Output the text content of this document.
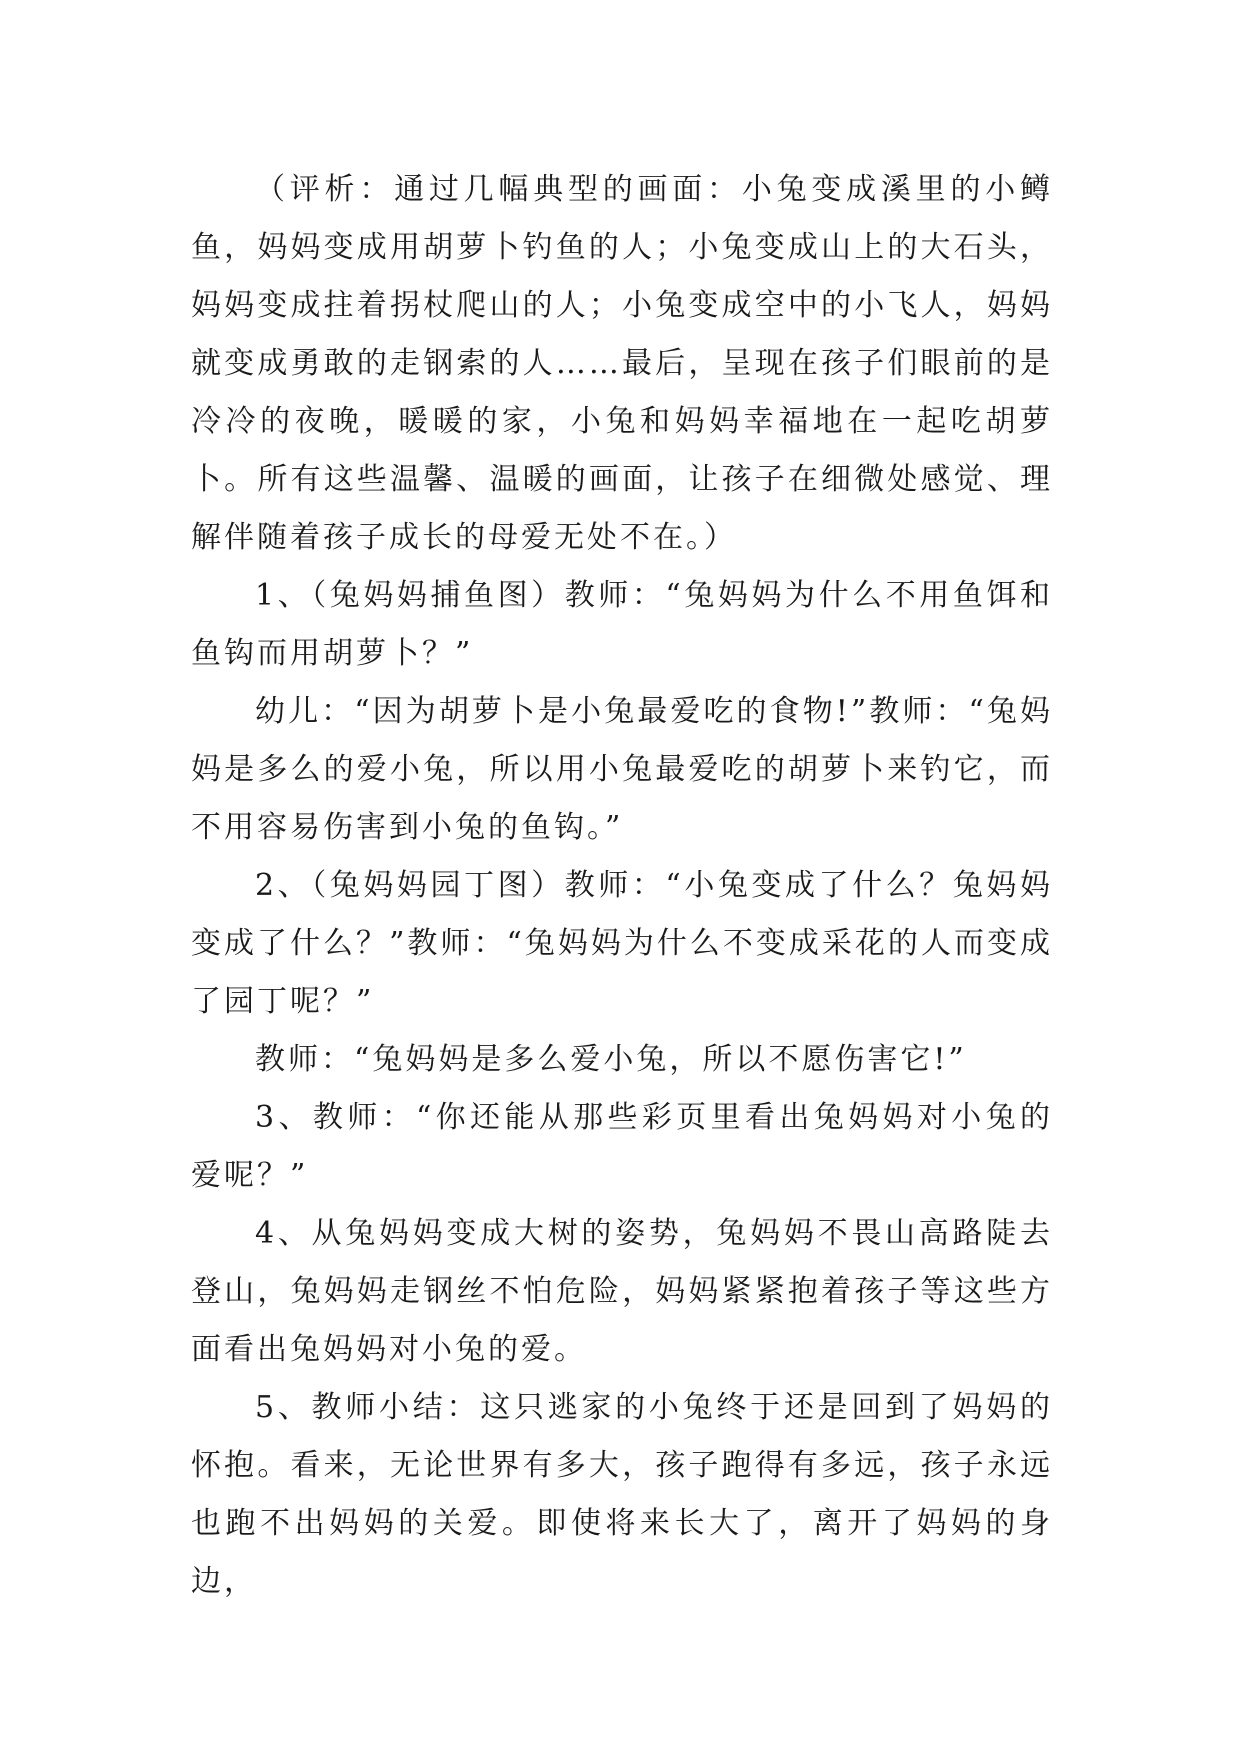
（评析：通过几幅典型的画面：小兔变成溪里的小鳟鱼，妈妈变成用胡萝卜钓鱼的人；小兔变成山上的大石头，妈妈变成拄着拐杖爬山的人；小兔变成空中的小飞人，妈妈就变成勇敢的走钢索的人……最后，呈现在孩子们眼前的是冷冷的夜晚，暖暖的家，小兔和妈妈幸福地在一起吃胡萝卜。所有这些温馨、温暖的画面，让孩子在细微处感觉、理解伴随着孩子成长的母爱无处不在。）

1、（兔妈妈捕鱼图）教师：“兔妈妈为什么不用鱼饵和鱼钩而用胡萝卜？”

幼儿：“因为胡萝卜是小兔最爱吃的食物!”教师：“兔妈妈是多么的爱小兔，所以用小兔最爱吃的胡萝卜来钓它，而不用容易伤害到小兔的鱼钩。”

2、（兔妈妈园丁图）教师：“小兔变成了什么？兔妈妈变成了什么？”教师：“兔妈妈为什么不变成采花的人而变成了园丁呢？”

教师：“兔妈妈是多么爱小兔，所以不愿伤害它!”

3、教师：“你还能从那些彩页里看出兔妈妈对小兔的爱呢？”

4、从兔妈妈变成大树的姿势，兔妈妈不畏山高路陡去登山，兔妈妈走钢丝不怕危险，妈妈紧紧抱着孩子等这些方面看出兔妈妈对小兔的爱。

5、教师小结：这只逃家的小兔终于还是回到了妈妈的怀抱。看来，无论世界有多大，孩子跑得有多远，孩子永远也跑不出妈妈的关爱。即使将来长大了，离开了妈妈的身边，
